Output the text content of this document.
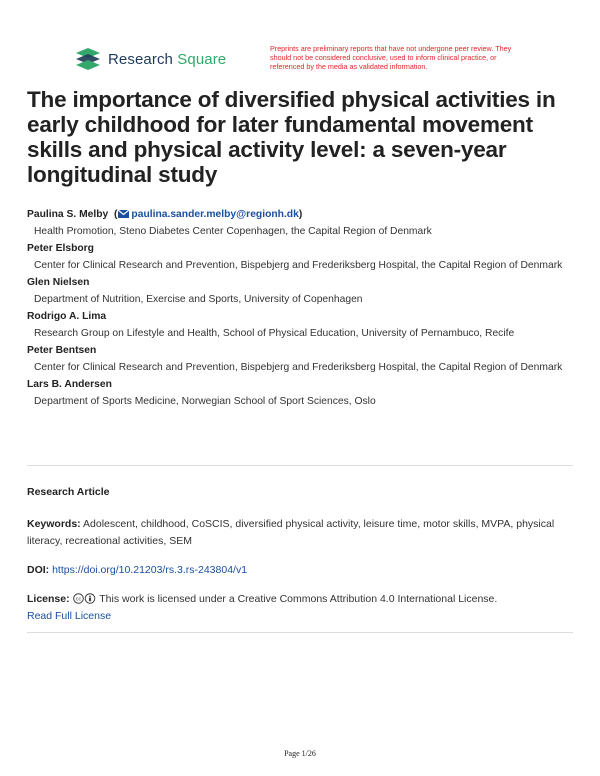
Research Square
Preprints are preliminary reports that have not undergone peer review. They should not be considered conclusive, used to inform clinical practice, or referenced by the media as validated information.
The importance of diversified physical activities in early childhood for later fundamental movement skills and physical activity level: a seven-year longitudinal study
Paulina S. Melby  ( paulina.sander.melby@regionh.dk)
Health Promotion, Steno Diabetes Center Copenhagen, the Capital Region of Denmark
Peter Elsborg
Center for Clinical Research and Prevention, Bispebjerg and Frederiksberg Hospital, the Capital Region of Denmark
Glen Nielsen
Department of Nutrition, Exercise and Sports, University of Copenhagen
Rodrigo A. Lima
Research Group on Lifestyle and Health, School of Physical Education, University of Pernambuco, Recife
Peter Bentsen
Center for Clinical Research and Prevention, Bispebjerg and Frederiksberg Hospital, the Capital Region of Denmark
Lars B. Andersen
Department of Sports Medicine, Norwegian School of Sport Sciences, Oslo
Research Article
Keywords: Adolescent, childhood, CoSCIS, diversified physical activity, leisure time, motor skills, MVPA, physical literacy, recreational activities, SEM
DOI: https://doi.org/10.21203/rs.3.rs-243804/v1
License: cc This work is licensed under a Creative Commons Attribution 4.0 International License.
Read Full License
Page 1/26
